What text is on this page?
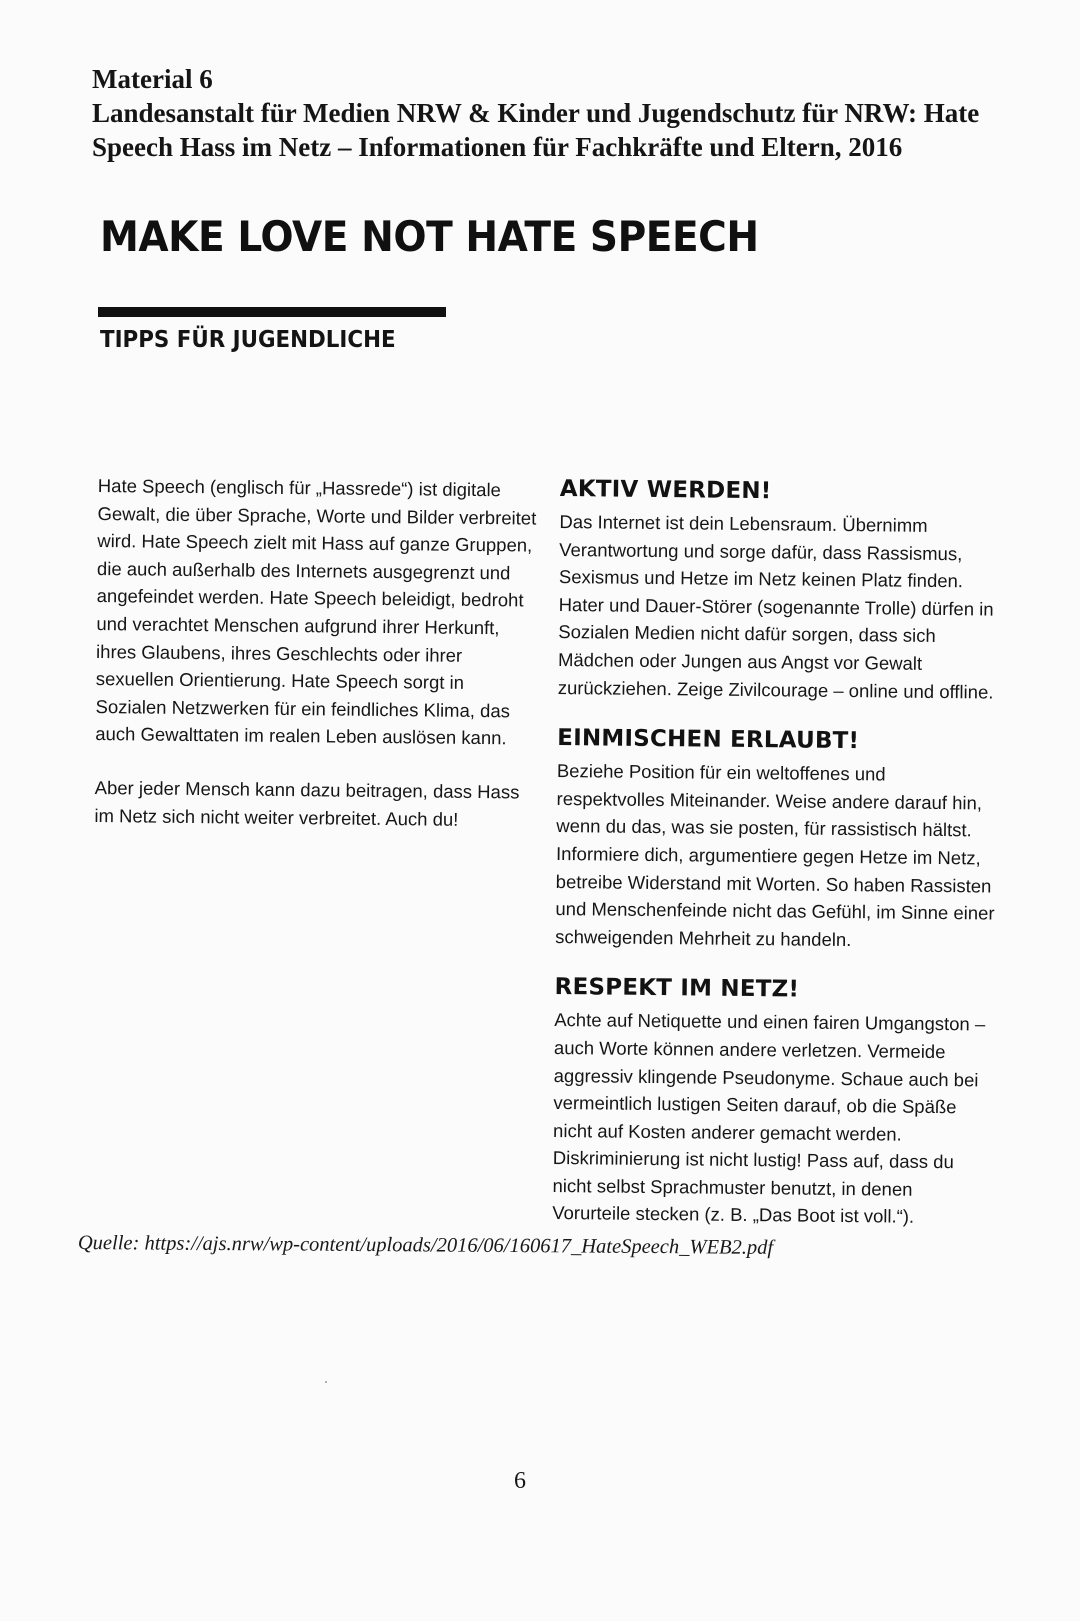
Material 6
Landesanstalt für Medien NRW & Kinder und Jugendschutz für NRW: Hate
Speech Hass im Netz – Informationen für Fachkräfte und Eltern, 2016
MAKE LOVE NOT HATE SPEECH
TIPPS FÜR JUGENDLICHE

Hate Speech (englisch für „Hassrede“) ist digitale Gewalt, die über Sprache, Worte und Bilder verbreitet wird. Hate Speech zielt mit Hass auf ganze Gruppen, die auch außerhalb des Internets ausgegrenzt und angefeindet werden. Hate Speech beleidigt, bedroht und verachtet Menschen aufgrund ihrer Herkunft, ihres Glaubens, ihres Geschlechts oder ihrer sexuellen Orientierung. Hate Speech sorgt in Sozialen Netzwerken für ein feindliches Klima, das auch Gewalttaten im realen Leben auslösen kann.

Aber jeder Mensch kann dazu beitragen, dass Hass im Netz sich nicht weiter verbreitet. Auch du!

AKTIV WERDEN!

Das Internet ist dein Lebensraum. Übernimm Verantwortung und sorge dafür, dass Rassismus, Sexismus und Hetze im Netz keinen Platz finden. Hater und Dauer-Störer (sogenannte Trolle) dürfen in Sozialen Medien nicht dafür sorgen, dass sich Mädchen oder Jungen aus Angst vor Gewalt zurückziehen. Zeige Zivilcourage – online und offline.

EINMISCHEN ERLAUBT!

Beziehe Position für ein weltoffenes und respektvolles Miteinander. Weise andere darauf hin, wenn du das, was sie posten, für rassistisch hältst. Informiere dich, argumentiere gegen Hetze im Netz, betreibe Widerstand mit Worten. So haben Rassisten und Menschenfeinde nicht das Gefühl, im Sinne einer schweigenden Mehrheit zu handeln.

RESPEKT IM NETZ!

Achte auf Netiquette und einen fairen Umgangston – auch Worte können andere verletzen. Vermeide aggressiv klingende Pseudonyme. Schaue auch bei vermeintlich lustigen Seiten darauf, ob die Späße nicht auf Kosten anderer gemacht werden. Diskriminierung ist nicht lustig! Pass auf, dass du nicht selbst Sprachmuster benutzt, in denen Vorurteile stecken (z. B. „Das Boot ist voll.“).

Quelle: https://ajs.nrw/wp-content/uploads/2016/06/160617_HateSpeech_WEB2.pdf
6
